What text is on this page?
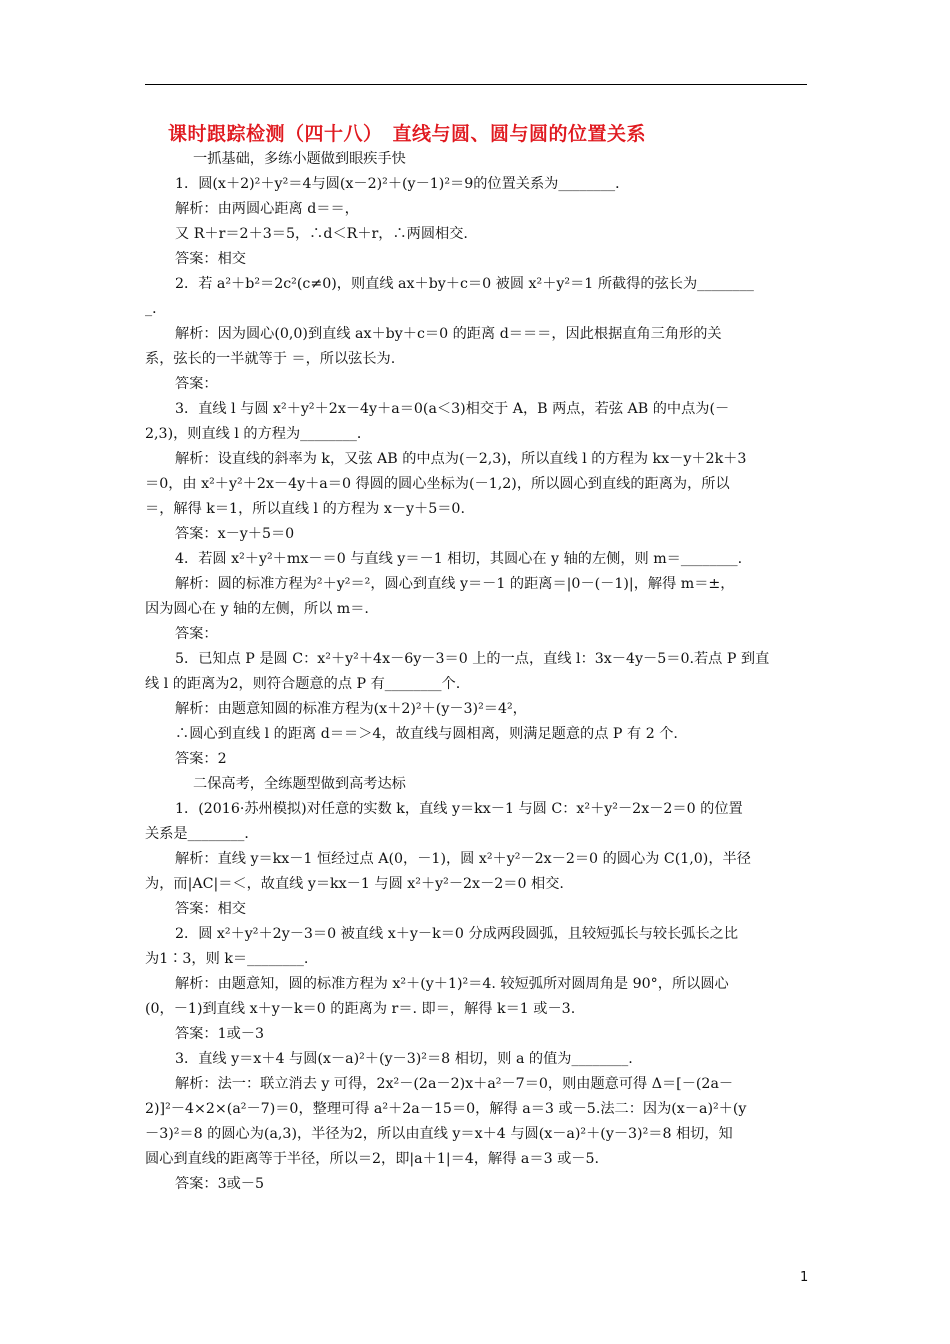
课时跟踪检测（四十八）　直线与圆、圆与圆的位置关系
一抓基础，多练小题做到眼疾手快
1．圆(x＋2)²＋y²＝4与圆(x－2)²＋(y－1)²＝9的位置关系为________．
解析：由两圆心距离 d＝＝，
又 R＋r＝2＋3＝5，∴d＜R＋r，∴两圆相交.
答案：相交
2．若 a²＋b²＝2c²(c≠0)，则直线 ax＋by＋c＝0 被圆 x²＋y²＝1 所截得的弦长为________
_．
解析：因为圆心(0,0)到直线 ax＋by＋c＝0 的距离 d＝＝＝，因此根据直角三角形的关
系，弦长的一半就等于 ＝，所以弦长为.
答案：
3．直线 l 与圆 x²＋y²＋2x－4y＋a＝0(a＜3)相交于 A，B 两点，若弦 AB 的中点为(－
2,3)，则直线 l 的方程为________．
解析：设直线的斜率为 k，又弦 AB 的中点为(－2,3)，所以直线 l 的方程为 kx－y＋2k＋3
＝0，由 x²＋y²＋2x－4y＋a＝0 得圆的圆心坐标为(－1,2)，所以圆心到直线的距离为，所以
＝，解得 k＝1，所以直线 l 的方程为 x－y＋5＝0.
答案：x－y＋5＝0
4．若圆 x²＋y²＋mx－＝0 与直线 y＝－1 相切，其圆心在 y 轴的左侧，则 m＝________.
解析：圆的标准方程为²＋y²＝²，圆心到直线 y＝－1 的距离＝|0－(－1)|，解得 m＝±，
因为圆心在 y 轴的左侧，所以 m＝.
答案：
5．已知点 P 是圆 C：x²＋y²＋4x－6y－3＝0 上的一点，直线 l：3x－4y－5＝0.若点 P 到直
线 l 的距离为2，则符合题意的点 P 有________个.
解析：由题意知圆的标准方程为(x＋2)²＋(y－3)²＝4²，
∴圆心到直线 l 的距离 d＝＝＞4，故直线与圆相离，则满足题意的点 P 有 2 个.
答案：2
二保高考，全练题型做到高考达标
1．(2016·苏州模拟)对任意的实数 k，直线 y＝kx－1 与圆 C：x²＋y²－2x－2＝0 的位置
关系是________．
解析：直线 y＝kx－1 恒经过点 A(0，－1)，圆 x²＋y²－2x－2＝0 的圆心为 C(1,0)，半径
为，而|AC|＝＜，故直线 y＝kx－1 与圆 x²＋y²－2x－2＝0 相交.
答案：相交
2．圆 x²＋y²＋2y－3＝0 被直线 x＋y－k＝0 分成两段圆弧，且较短弧长与较长弧长之比
为1∶3，则 k＝________.
解析：由题意知，圆的标准方程为 x²＋(y＋1)²＝4. 较短弧所对圆周角是 90°，所以圆心
(0，－1)到直线 x＋y－k＝0 的距离为 r＝. 即＝，解得 k＝1 或－3.
答案：1或－3
3．直线 y＝x＋4 与圆(x－a)²＋(y－3)²＝8 相切，则 a 的值为________.
解析：法一：联立消去 y 可得，2x²－(2a－2)x＋a²－7＝0，则由题意可得 Δ＝[－(2a－
2)]²－4×2×(a²－7)＝0，整理可得 a²＋2a－15＝0，解得 a＝3 或－5.法二：因为(x－a)²＋(y
－3)²＝8 的圆心为(a,3)，半径为2，所以由直线 y＝x＋4 与圆(x－a)²＋(y－3)²＝8 相切，知
圆心到直线的距离等于半径，所以＝2，即|a＋1|＝4，解得 a＝3 或－5.
答案：3或－5
1
